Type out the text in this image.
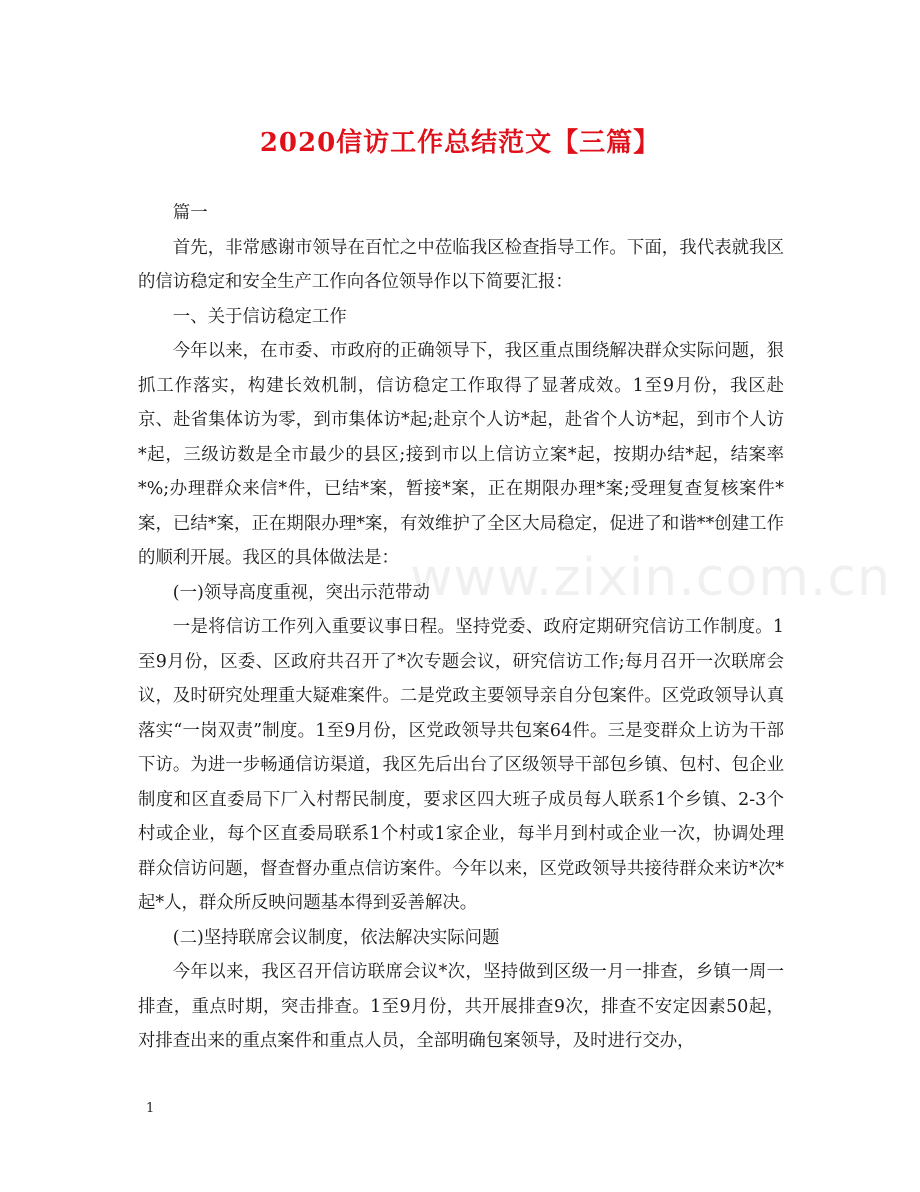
2020信访工作总结范文【三篇】

篇一

首先，非常感谢市领导在百忙之中莅临我区检查指导工作。下面，我代表就我区的信访稳定和安全生产工作向各位领导作以下简要汇报：

一、关于信访稳定工作

今年以来，在市委、市政府的正确领导下，我区重点围绕解决群众实际问题，狠抓工作落实，构建长效机制，信访稳定工作取得了显著成效。1至9月份，我区赴京、赴省集体访为零，到市集体访*起;赴京个人访*起，赴省个人访*起，到市个人访*起，三级访数是全市最少的县区;接到市以上信访立案*起，按期办结*起，结案率*%;办理群众来信*件，已结*案，暂接*案，正在期限办理*案;受理复查复核案件*案，已结*案，正在期限办理*案，有效维护了全区大局稳定，促进了和谐**创建工作的顺利开展。我区的具体做法是：

(一)领导高度重视，突出示范带动

一是将信访工作列入重要议事日程。坚持党委、政府定期研究信访工作制度。1至9月份，区委、区政府共召开了*次专题会议，研究信访工作;每月召开一次联席会议，及时研究处理重大疑难案件。二是党政主要领导亲自分包案件。区党政领导认真落实“一岗双责”制度。1至9月份，区党政领导共包案64件。三是变群众上访为干部下访。为进一步畅通信访渠道，我区先后出台了区级领导干部包乡镇、包村、包企业制度和区直委局下厂入村帮民制度，要求区四大班子成员每人联系1个乡镇、2-3个村或企业，每个区直委局联系1个村或1家企业，每半月到村或企业一次，协调处理群众信访问题，督查督办重点信访案件。今年以来，区党政领导共接待群众来访*次*起*人，群众所反映问题基本得到妥善解决。

(二)坚持联席会议制度，依法解决实际问题

今年以来，我区召开信访联席会议*次，坚持做到区级一月一排查，乡镇一周一排查，重点时期，突击排查。1至9月份，共开展排查9次，排查不安定因素50起，对排查出来的重点案件和重点人员，全部明确包案领导，及时进行交办，

www.zixin.com.cn
1
